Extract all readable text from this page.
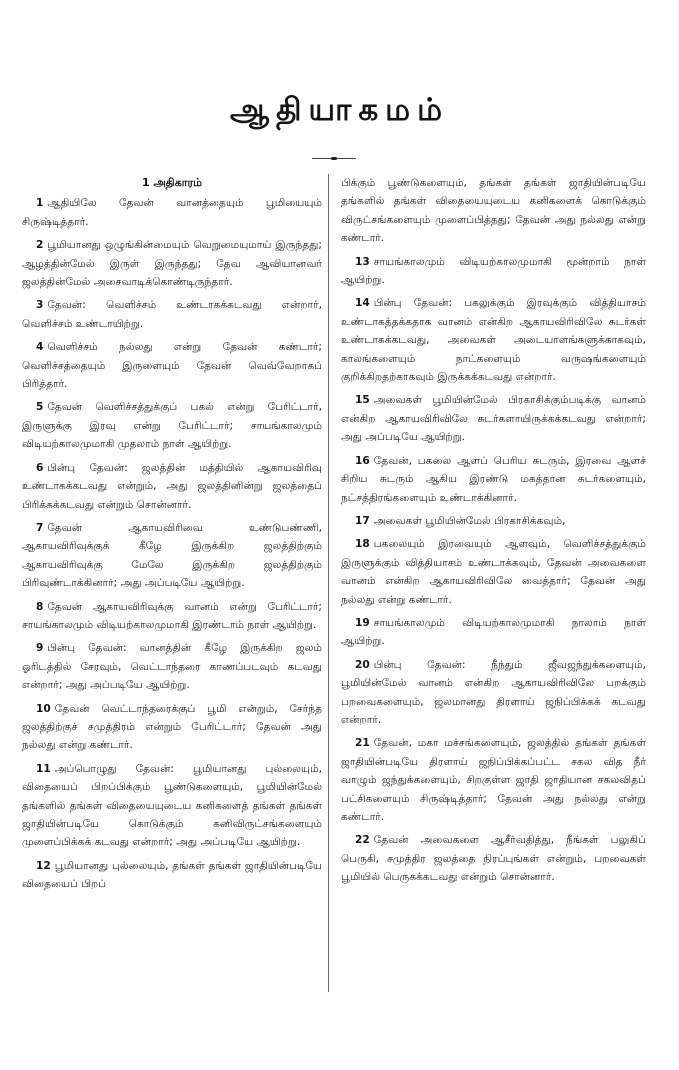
ஆதியாகமம்
1 அதிகாரம்

1 ஆதியிலே தேவன் வானத்தையும் பூமியையும் சிருஷ்டித்தார்.

2 பூமியானது ஒழுங்கின்மையும் வெறுமையுமாய் இருந்தது; ஆழத்தின்மேல் இருள் இருந்தது; தேவ ஆவியானவர் ஜலத்தின்மேல் அசைவாடிக்கொண்டிருந்தார்.

3 தேவன்: வெளிச்சம் உண்டாகக்கடவது என்றார், வெளிச்சம் உண்டாயிற்று.

4 வெளிச்சம் நல்லது என்று தேவன் கண்டார்; வெளிச்சத்தையும் இருளையும் தேவன் வெவ்வேறாகப் பிரித்தார்.

5 தேவன் வெளிச்சத்துக்குப் பகல் என்று பேரிட்டார், இருளுக்கு இரவு என்று பேரிட்டார்; சாயங்காலமும் விடியற்காலமுமாகி முதலாம் நாள் ஆயிற்று.

6 பின்பு தேவன்: ஜலத்தின் மத்தியில் ஆகாயவிரிவு உண்டாகக்கடவது என்றும், அது ஜலத்தினின்று ஜலத்தைப் பிரிக்கக்கடவது என்றும் சொன்னார்.

7 தேவன் ஆகாயவிரிவை உண்டுபண்ணி, ஆகாயவிரிவுக்குக் கீழே இருக்கிற ஜலத்திற்கும் ஆகாயவிரிவுக்கு மேலே இருக்கிற ஜலத்திற்கும் பிரிவுண்டாக்கினார்; அது அப்படியே ஆயிற்று.

8 தேவன் ஆகாயவிரிவுக்கு வானம் என்று பேரிட்டார்; சாயங்காலமும் விடியற்காலமுமாகி இரண்டாம் நாள் ஆயிற்று.

9 பின்பு தேவன்: வானத்தின் கீழே இருக்கிற ஜலம் ஓரிடத்தில் சேரவும், வெட்டாந்தரை காணப்படவும் கடவது என்றார்; அது அப்படியே ஆயிற்று.

10 தேவன் வெட்டாந்தரைக்குப் பூமி என்றும், சேர்ந்த ஜலத்திற்குச் சமுத்திரம் என்றும் பேரிட்டார்; தேவன் அது நல்லது என்று கண்டார்.

11 அப்பொழுது தேவன்: பூமியானது புல்லையும், விதையைப் பிறப்பிக்கும் பூண்டுகளையும், பூமியின்மேல் தங்களில் தங்கள் விதையையுடைய கனிகளைத் தங்கள் தங்கள் ஜாதியின்படியே கொடுக்கும் கனிவிருட்சங்களையும் முளைப்பிக்கக் கடவது என்றார்; அது அப்படியே ஆயிற்று.

12 பூமியானது புல்லையும், தங்கள் தங்கள் ஜாதியின்படியே விதையைப் பிறப்

பிக்கும் பூண்டுகளையும், தங்கள் தங்கள் ஜாதியின்படியே தங்களில் தங்கள் விதையையுடைய கனிகளைக் கொடுக்கும் விருட்சங்களையும் முளைப்பித்தது; தேவன் அது நல்லது என்று கண்டார்.

13 சாயங்காலமும் விடியற்காலமுமாகி மூன்றாம் நாள் ஆயிற்று.

14 பின்பு தேவன்: பகலுக்கும் இரவுக்கும் வித்தியாசம் உண்டாகத்தக்கதாக வானம் என்கிற ஆகாயவிரிவிலே சுடர்கள் உண்டாகக்கடவது, அவைகள் அடையாளங்களுக்காகவும், காலங்களையும் நாட்களையும் வருஷங்களையும் குறிக்கிறதற்காகவும் இருக்கக்கடவது என்றார்.

15 அவைகள் பூமியின்மேல் பிரகாசிக்கும்படிக்கு வானம் என்கிற ஆகாயவிரிவிலே சுடர்களாயிருக்கக்கடவது என்றார்; அது அப்படியே ஆயிற்று.

16 தேவன், பகலை ஆளப் பெரிய சுடரும், இரவை ஆளச் சிறிய சுடரும் ஆகிய இரண்டு மகத்தான சுடர்களையும், நட்சத்திரங்களையும் உண்டாக்கினார்.

17 அவைகள் பூமியின்மேல் பிரகாசிக்கவும்,

18 பகலையும் இரவையும் ஆளவும், வெளிச்சத்துக்கும் இருளுக்கும் வித்தியாசம் உண்டாக்கவும், தேவன் அவைகளை வானம் என்கிற ஆகாயவிரிவிலே வைத்தார்; தேவன் அது நல்லது என்று கண்டார்.

19 சாயங்காலமும் விடியற்காலமுமாகி நாலாம் நாள் ஆயிற்று.

20 பின்பு தேவன்: நீந்தும் ஜீவஜந்துக்களையும், பூமியின்மேல் வானம் என்கிற ஆகாயவிரிவிலே பறக்கும் பறவைகளையும், ஜலமானது திரளாய் ஜநிப்பிக்கக் கடவது என்றார்.

21 தேவன், மகா மச்சங்களையும், ஜலத்தில் தங்கள் தங்கள் ஜாதியின்படியே திரளாய் ஜநிப்பிக்கப்பட்ட சகல வித நீர் வாழும் ஜந்துக்களையும், சிறகுள்ள ஜாதி ஜாதியான சகலவிதப் பட்சிகளையும் சிருஷ்டித்தார்; தேவன் அது நல்லது என்று கண்டார்.

22 தேவன் அவைகளை ஆசீர்வதித்து, நீங்கள் பலுகிப் பெருகி, சமுத்திர ஜலத்தை நிரப்புங்கள் என்றும், பறவைகள் பூமியில் பெருகக்கடவது என்றும் சொன்னார்.
